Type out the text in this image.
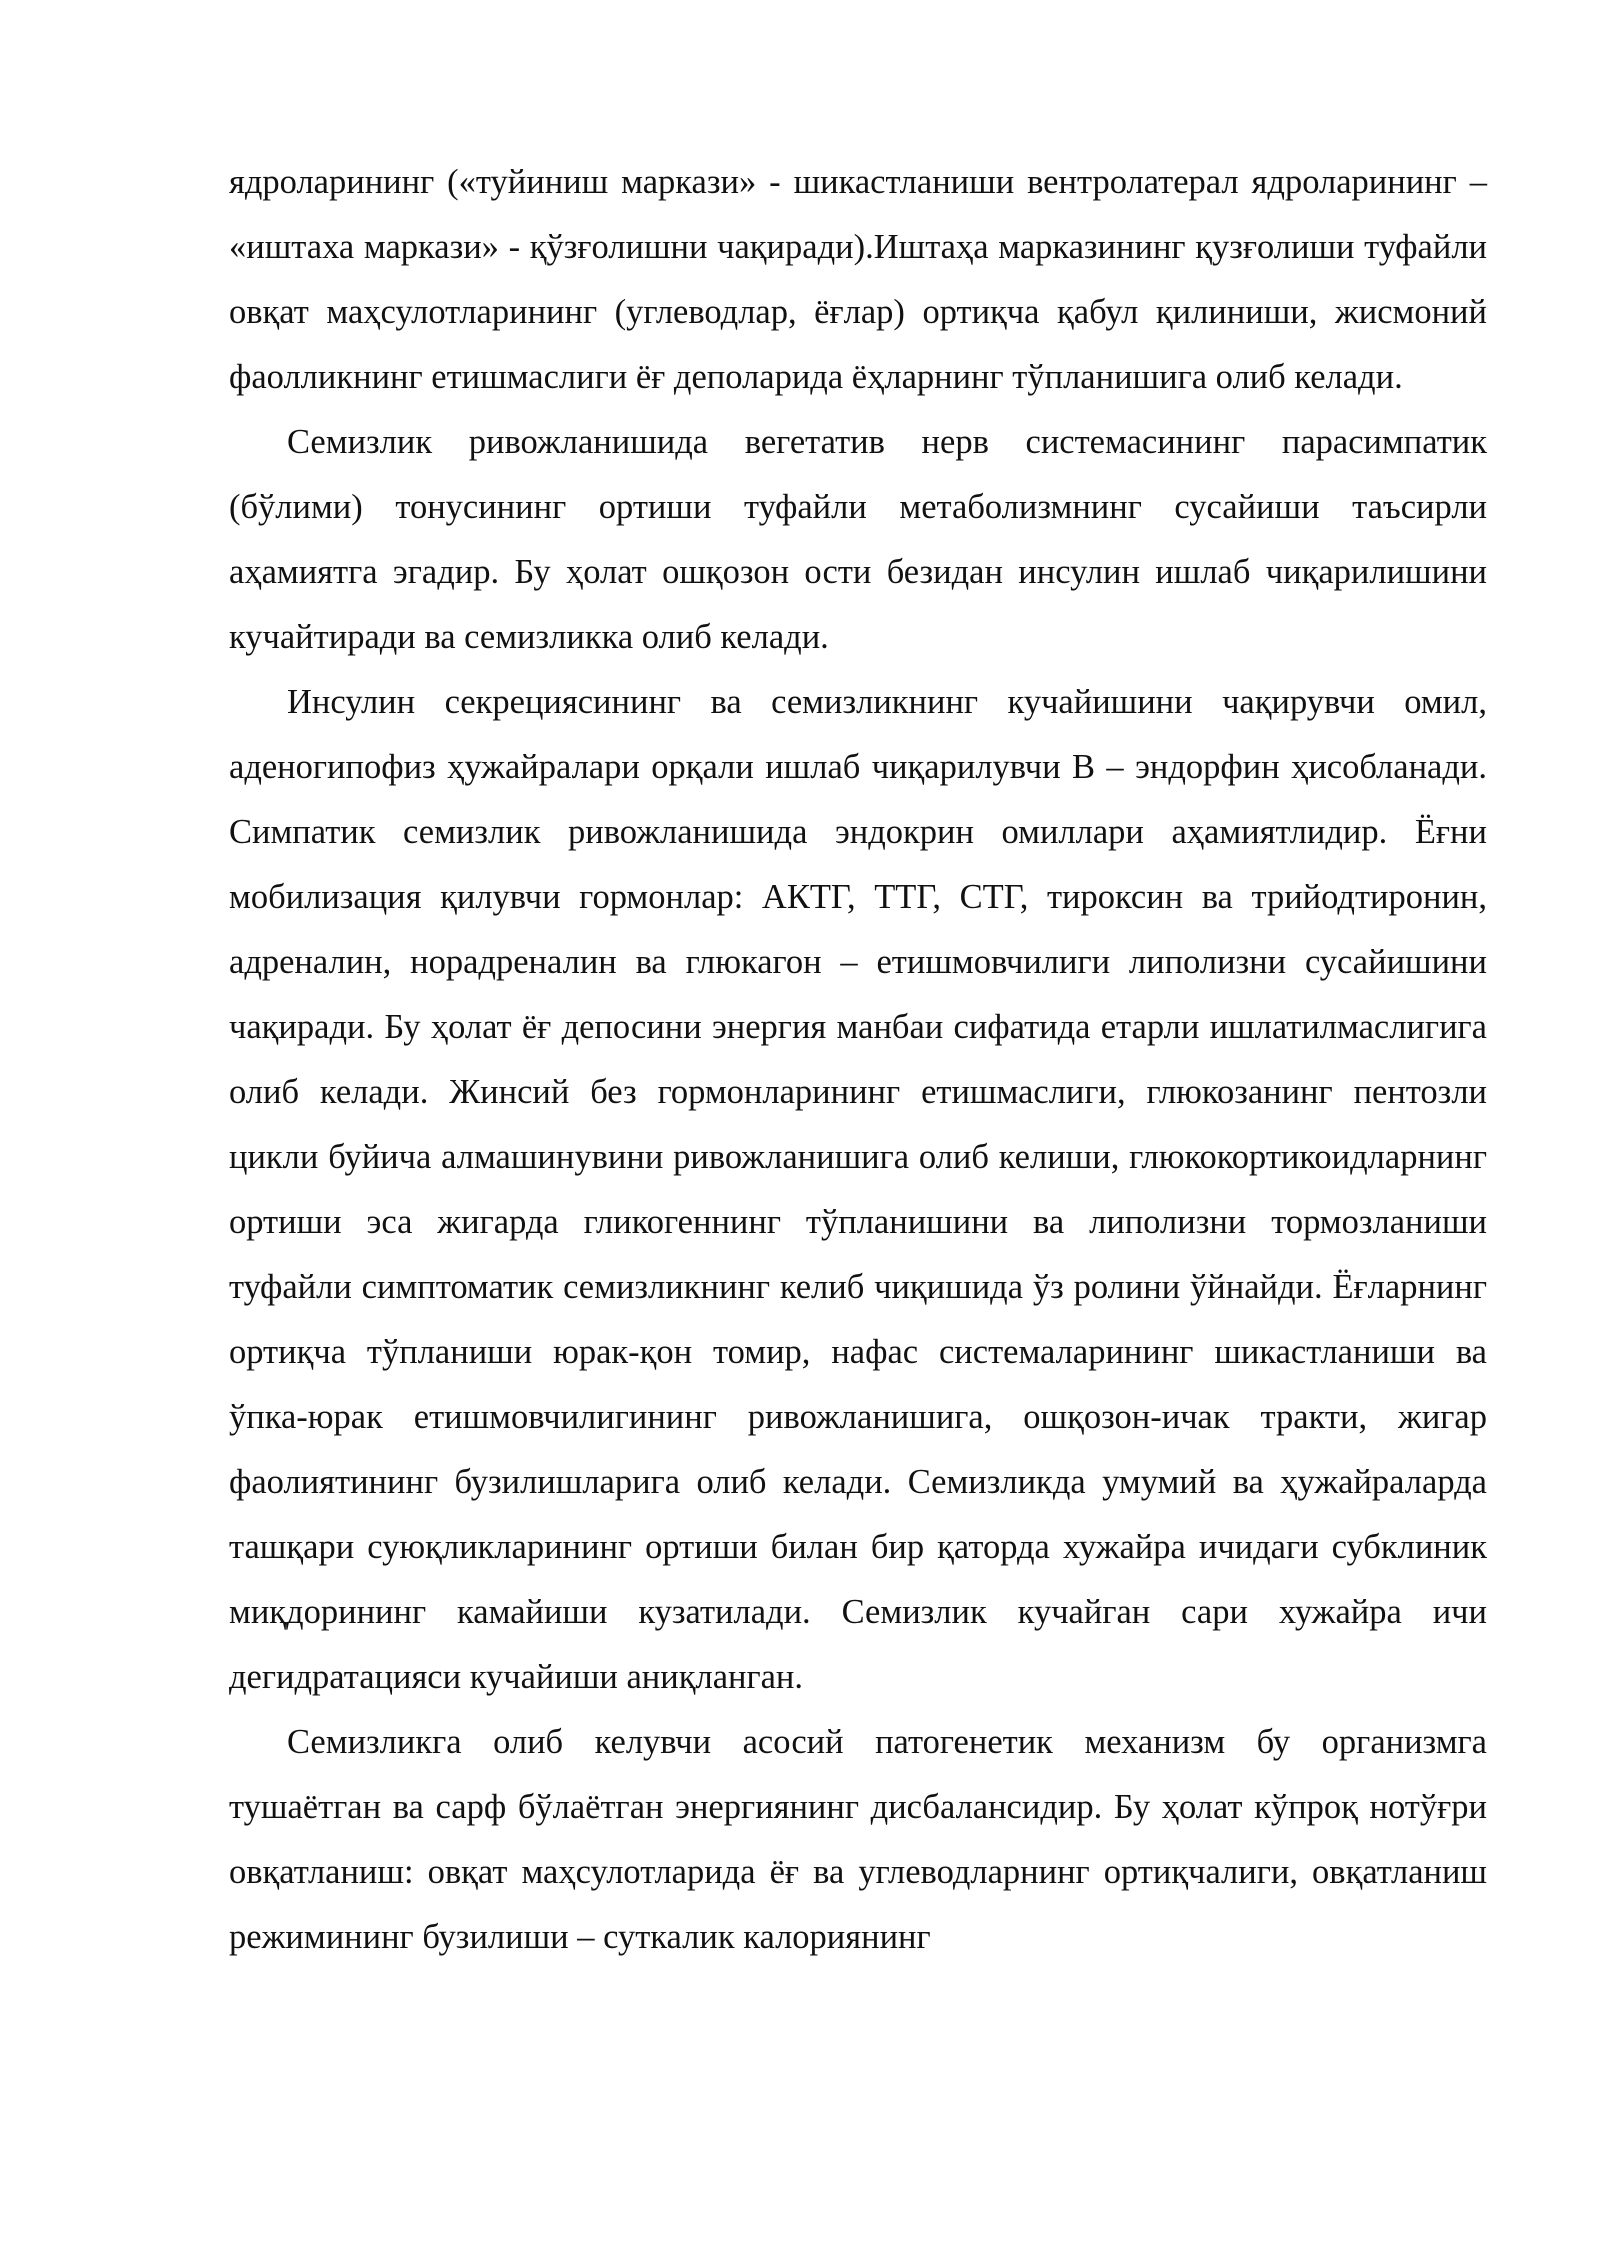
ядроларининг («туйиниш маркази» - шикастланиши вентролатерал ядроларининг – «иштаха маркази» - қўзғолишни чақиради).Иштаҳа марказининг қузғолиши туфайли овқат маҳсулотларининг (углеводлар, ёғлар) ортиқча қабул қилиниши, жисмоний фаолликнинг етишмаслиги ёғ деполарида ёҳларнинг тўпланишига олиб келади.

Семизлик ривожланишида вегетатив нерв системасининг парасимпатик (бўлими) тонусининг ортиши туфайли метаболизмнинг сусайиши таъсирли аҳамиятга эгадир. Бу ҳолат ошқозон ости безидан инсулин ишлаб чиқарилишини кучайтиради ва семизликка олиб келади.

Инсулин секрециясининг ва семизликнинг кучайишини чақирувчи омил, аденогипофиз ҳужайралари орқали ишлаб чиқарилувчи В – эндорфин ҳисобланади. Симпатик семизлик ривожланишида эндокрин омиллари аҳамиятлидир. Ёғни мобилизация қилувчи гормонлар: АКТГ, ТТГ, СТГ, тироксин ва трийодтиронин, адреналин, норадреналин ва глюкагон – етишмовчилиги липолизни сусайишини чақиради. Бу ҳолат ёғ депосини энергия манбаи сифатида етарли ишлатилмаслигига олиб келади. Жинсий без гормонларининг етишмаслиги, глюкозанинг пентозли цикли буйича алмашинувини ривожланишига олиб келиши, глюкокортикоидларнинг ортиши эса жигарда гликогеннинг тўпланишини ва липолизни тормозланиши туфайли симптоматик семизликнинг келиб чиқишида ўз ролини ўйнайди. Ёғларнинг ортиқча тўпланиши юрак-қон томир, нафас системаларининг шикастланиши ва ўпка-юрак етишмовчилигининг ривожланишига, ошқозон-ичак тракти, жигар фаолиятининг бузилишларига олиб келади. Семизликда умумий ва ҳужайраларда ташқари суюқликларининг ортиши билан бир қаторда хужайра ичидаги субклиник миқдорининг камайиши кузатилади. Семизлик кучайган сари хужайра ичи дегидратацияси кучайиши аниқланган.

Семизликга олиб келувчи асосий патогенетик механизм бу организмга тушаётган ва сарф бўлаётган энергиянинг дисбалансидир. Бу ҳолат кўпроқ нотўғри овқатланиш: овқат маҳсулотларида ёғ ва углеводларнинг ортиқчалиги, овқатланиш режимининг бузилиши – суткалик калориянинг
